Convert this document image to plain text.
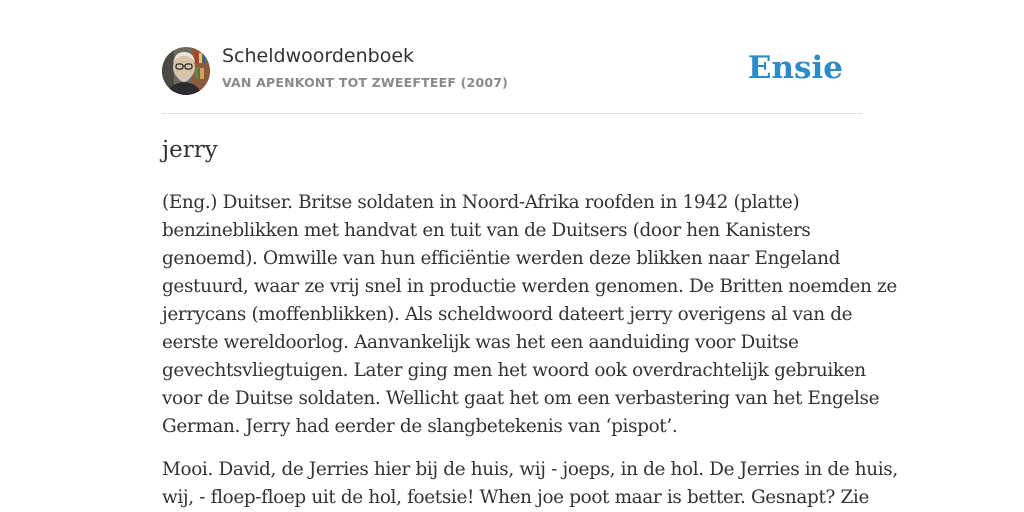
Scheldwoordenboek
VAN APENKONT TOT ZWEEFTEEF (2007)	Ensie
jerry

(Eng.) Duitser. Britse soldaten in Noord-Afrika roofden in 1942 (platte)
benzineblikken met handvat en tuit van de Duitsers (door hen Kanisters
genoemd). Omwille van hun efficiëntie werden deze blikken naar Engeland
gestuurd, waar ze vrij snel in productie werden genomen. De Britten noemden ze
jerrycans (moffenblikken). Als scheldwoord dateert jerry overigens al van de
eerste wereldoorlog. Aanvankelijk was het een aanduiding voor Duitse
gevechtsvliegtuigen. Later ging men het woord ook overdrachtelijk gebruiken
voor de Duitse soldaten. Wellicht gaat het om een verbastering van het Engelse
German. Jerry had eerder de slangbetekenis van ‘pispot’.

Mooi. David, de Jerries hier bij de huis, wij - joeps, in de hol. De Jerries in de huis,
wij, - floep-floep uit de hol, foetsie! When joe poot maar is better. Gesnapt? Zie
